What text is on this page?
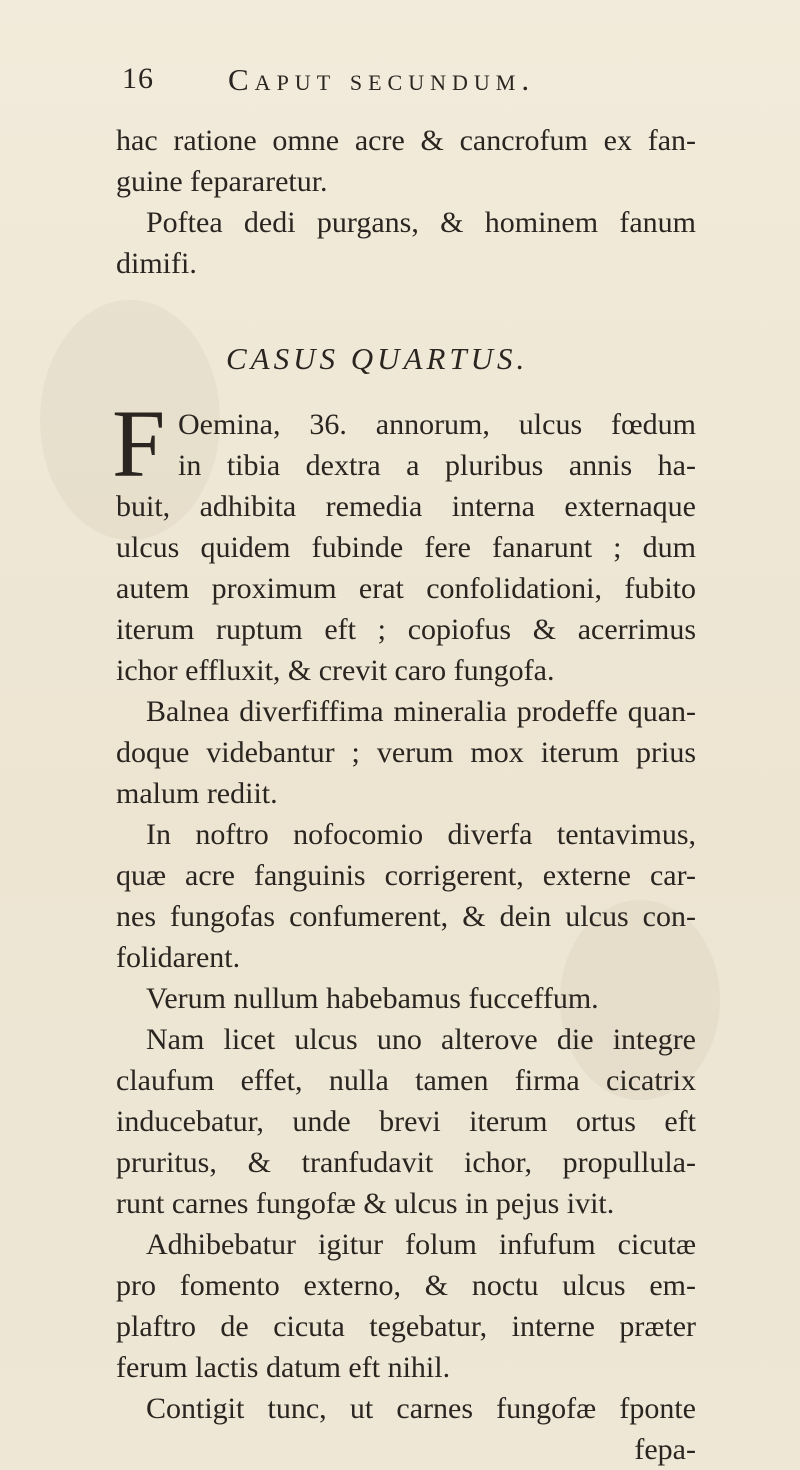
16 Caput secundum.
hac ratione omne acre & cancrofum ex fan-
guine fepararetur.
Poftea dedi purgans, & hominem fanum
dimifi.
CASUS QUARTUS.
F Oemina, 36. annorum, ulcus fœdum
in tibia dextra a pluribus annis ha-
buit, adhibita remedia interna externaque
ulcus quidem fubinde fere fanarunt ; dum
autem proximum erat confolidationi, fubito
iterum ruptum eft ; copiofus & acerrimus
ichor effluxit, & crevit caro fungofa.
Balnea diverfiffima mineralia prodeffe quan-
doque videbantur ; verum mox iterum prius
malum rediit.
In noftro nofocomio diverfa tentavimus,
quæ acre fanguinis corrigerent, externe car-
nes fungofas confumerent, & dein ulcus con-
folidarent.
Verum nullum habebamus fucceffum.
Nam licet ulcus uno alterove die integre
claufum effet, nulla tamen firma cicatrix
inducebatur, unde brevi iterum ortus eft
pruritus, & tranfudavit ichor, propullula-
runt carnes fungofæ & ulcus in pejus ivit.
Adhibebatur igitur folum infufum cicutæ
pro fomento externo, & noctu ulcus em-
plaftro de cicuta tegebatur, interne præter
ferum lactis datum eft nihil.
Contigit tunc, ut carnes fungofæ fponte
fepa-
